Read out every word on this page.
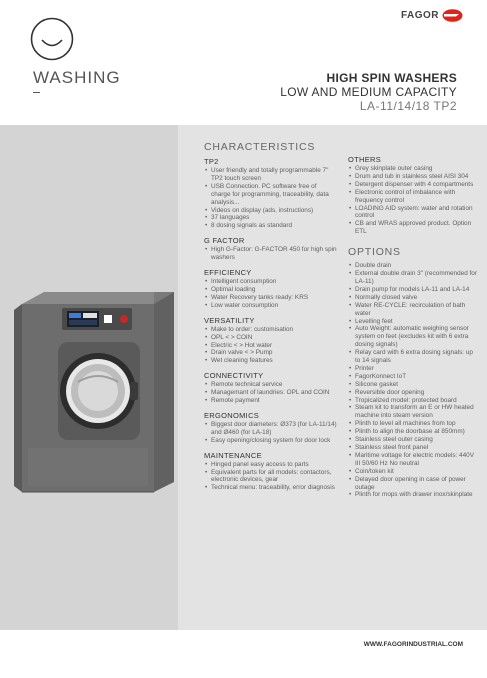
WASHING
FAGOR
HIGH SPIN WASHERS
LOW AND MEDIUM CAPACITY
LA-11/14/18 TP2
CHARACTERISTICS
TP2
• User friendly and totally programmable 7" TP2 touch screen
• USB Connection. PC software free of charge for programming, traceability, data analysis...
• Videos on display (ads, instructions)
• 37 languages
• 8 dosing signals as standard
G FACTOR
• High G-Factor: G-FACTOR 450 for high spin washers
EFFICIENCY
• Intelligent consumption
• Optimal loading
• Water Recovery tanks ready: KRS
• Low water consumption
VERSATILITY
• Make to order: customisation
• OPL < > COIN
• Electric < > Hot water
• Drain valve < > Pump
• Wet cleaning features
CONNECTIVITY
• Remote technical service
• Managemant of laundries: OPL and COIN
• Remote payment
ERGONOMICS
• Biggest door diameters: Ø373 (for LA-11/14) and Ø460 (for LA-18)
• Easy opening/closing system for door lock
MAINTENANCE
• Hinged panel easy access to parts
• Equivalent parts for all models: contactors, electronic devices, gear
• Technical menu: traceability, error diagnosis
OTHERS
• Grey skinplate outer casing
• Drum and tub in stainless steel AISI 304
• Detergent dispenser with 4 compartments
• Electronic control of imbalance with frequency control
• LOADING AID system: water and rotation control
• CB and WRAS approved product. Option ETL
OPTIONS
• Double drain
• External double drain 3" (recommended for LA-11)
• Drain pump for models LA-11 and LA-14
• Normally closed valve
• Water RE-CYCLE: recirculation of bath water
• Levelling feet
• Auto Weight: automatic weighing sensor system on feet (excludes kit with 6 extra dosing signals)
• Relay card with 6 extra dosing signals: up to 14 signals
• Printer
• FagorKonnect IoT
• Silicone gasket
• Reversible door opening
• Tropicalized model: protected board
• Steam kit to transform an E or HW heated machine into steam version
• Plinth to level all machines from top
• Plinth to align the doorbase at 850mm)
• Stainless steel outer casing
• Stainless steel front panel
• Maritime voltage for electric models: 440V III 50/60 Hz No neutral
• Coin/token kit
• Delayed door opening in case of power outage
• Plinth for mops with drawer inox/skinplate
WWW.FAGORINDUSTRIAL.COM
